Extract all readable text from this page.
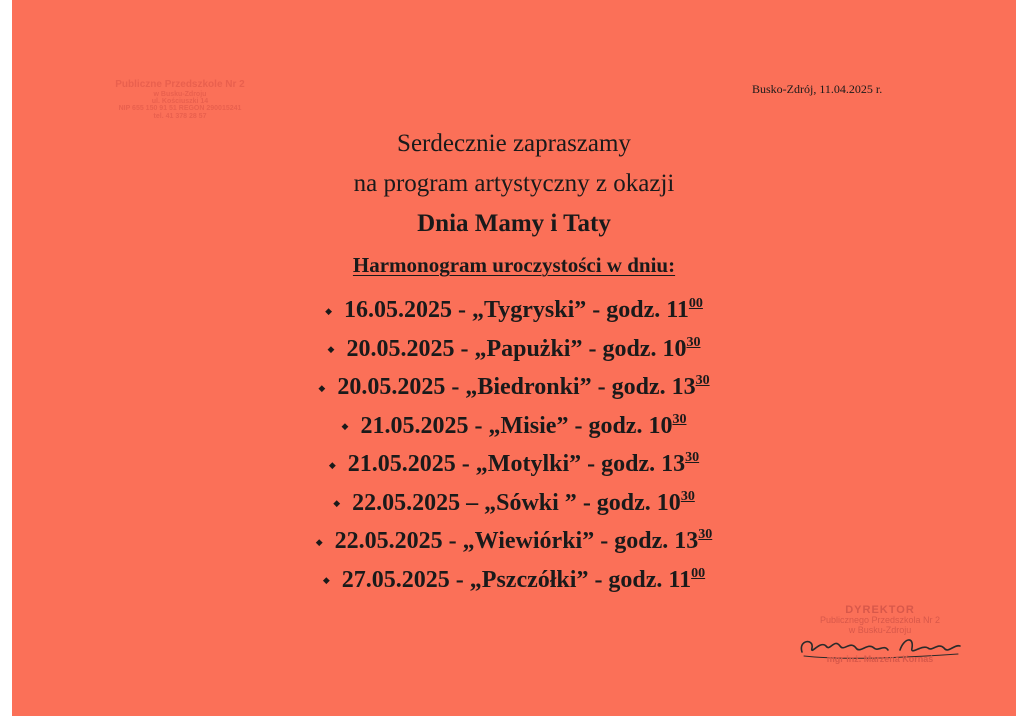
Publiczne Przedszkole Nr 2
w Busku-Zdroju
ul. Kościuszki 14
NIP 655 150 91 51 REGON 290015241
tel. 41 378 28 57
Busko-Zdrój, 11.04.2025 r.
Serdecznie zapraszamy
na program artystyczny z okazji
Dnia Mamy i Taty
Harmonogram uroczystości w dniu:
◆ 16.05.2025 - „Tygryski” - godz. $11^{00}$
◆ 20.05.2025 - „Papużki” - godz. $10^{30}$
◆ 20.05.2025 - „Biedronki” - godz. $13^{30}$
◆ 21.05.2025 - „Misie” - godz. $10^{30}$
◆ 21.05.2025 - „Motylki” - godz. $13^{30}$
◆ 22.05.2025 – „Sówki ” - godz. $10^{30}$
◆ 22.05.2025 - „Wiewiórki” - godz. $13^{30}$
◆ 27.05.2025 - „Pszczółki” - godz. $11^{00}$
DYREKTOR
Publicznego Przedszkola Nr 2
w Busku-Zdroju
mgr inż. Marzena Kornaś
